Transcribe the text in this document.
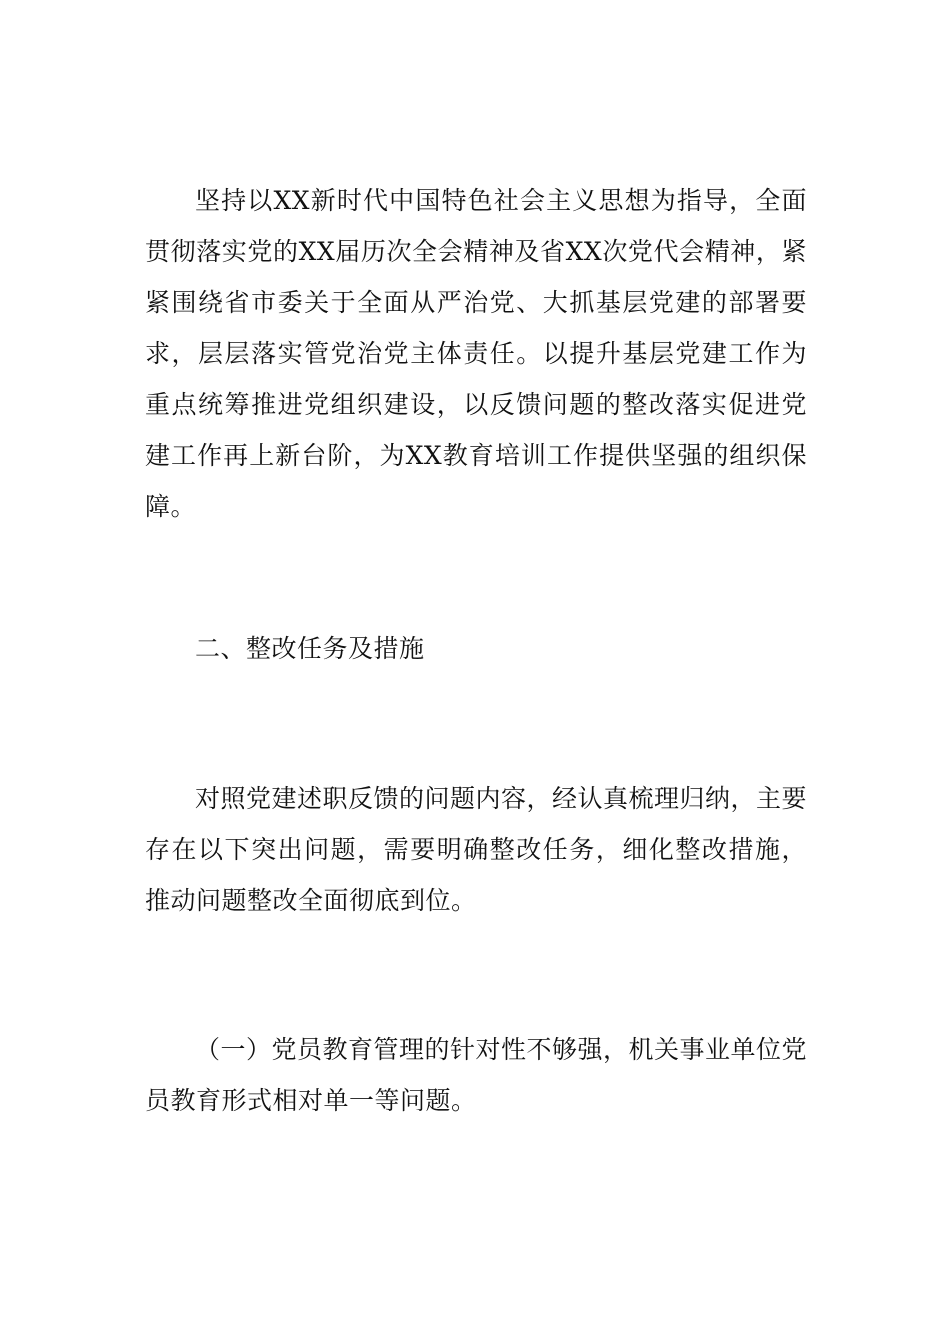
坚持以XX新时代中国特色社会主义思想为指导，全面贯彻落实党的XX届历次全会精神及省XX次党代会精神，紧紧围绕省市委关于全面从严治党、大抓基层党建的部署要求，层层落实管党治党主体责任。以提升基层党建工作为重点统筹推进党组织建设，以反馈问题的整改落实促进党建工作再上新台阶，为XX教育培训工作提供坚强的组织保障。

二、整改任务及措施

对照党建述职反馈的问题内容，经认真梳理归纳，主要存在以下突出问题，需要明确整改任务，细化整改措施，推动问题整改全面彻底到位。

（一）党员教育管理的针对性不够强，机关事业单位党员教育形式相对单一等问题。
